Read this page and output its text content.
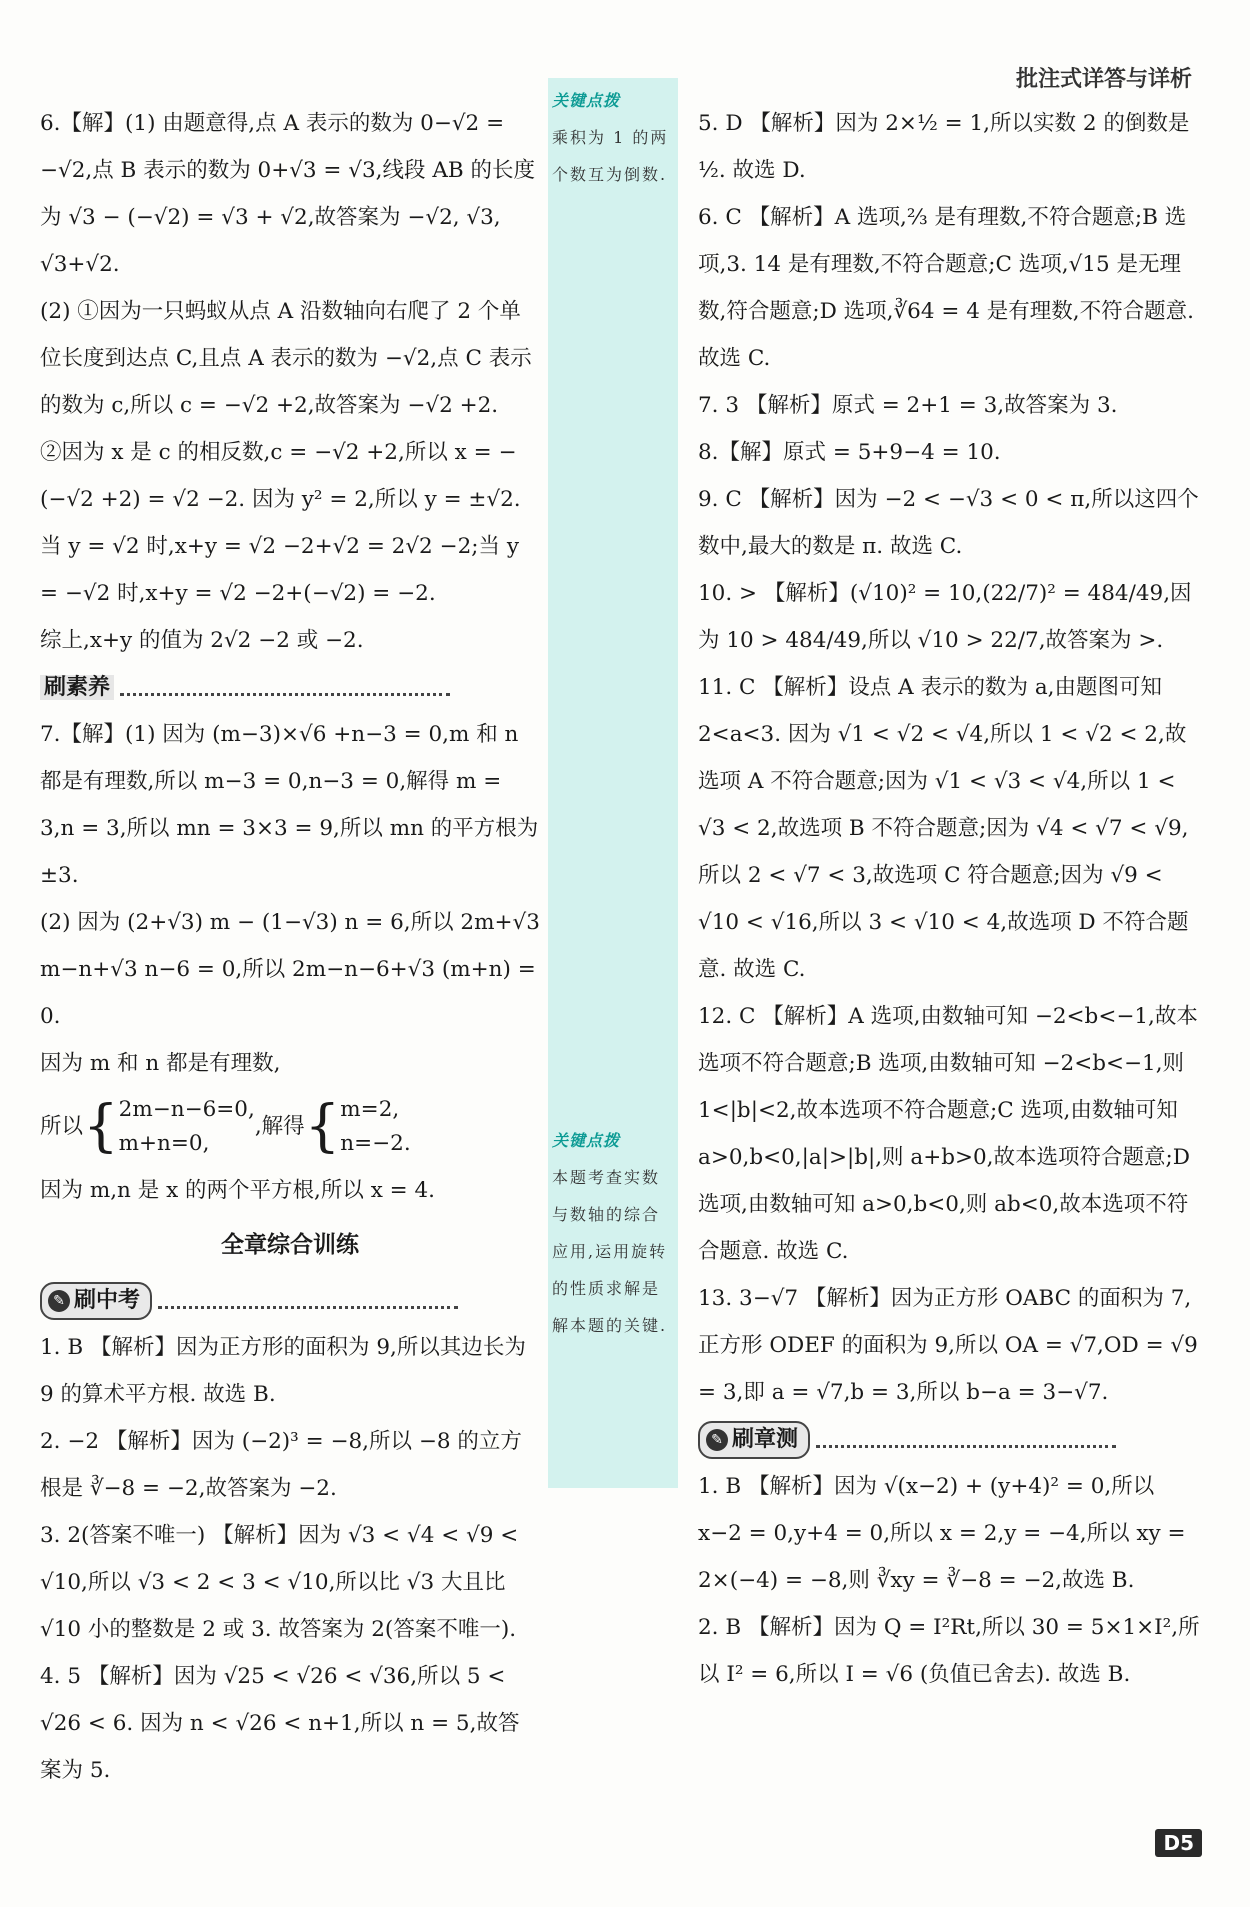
批注式详答与详析
关键点拨
乘积为 1 的两个数互为倒数.
关键点拨
本题考查实数与数轴的综合应用,运用旋转的性质求解是解本题的关键.

6.【解】(1) 由题意得,点 A 表示的数为 0−√2 = −√2,点 B 表示的数为 0+√3 = √3,线段 AB 的长度为 √3 − (−√2) = √3 + √2,故答案为 −√2, √3, √3+√2.

(2) ①因为一只蚂蚁从点 A 沿数轴向右爬了 2 个单位长度到达点 C,且点 A 表示的数为 −√2,点 C 表示的数为 c,所以 c = −√2 +2,故答案为 −√2 +2.

②因为 x 是 c 的相反数,c = −√2 +2,所以 x = −(−√2 +2) = √2 −2. 因为 y² = 2,所以 y = ±√2. 当 y = √2 时,x+y = √2 −2+√2 = 2√2 −2;当 y = −√2 时,x+y = √2 −2+(−√2) = −2.

综上,x+y 的值为 2√2 −2 或 −2.

刷素养

7.【解】(1) 因为 (m−3)×√6 +n−3 = 0,m 和 n 都是有理数,所以 m−3 = 0,n−3 = 0,解得 m = 3,n = 3,所以 mn = 3×3 = 9,所以 mn 的平方根为 ±3.

(2) 因为 (2+√3) m − (1−√3) n = 6,所以 2m+√3 m−n+√3 n−6 = 0,所以 2m−n−6+√3 (m+n) = 0.

因为 m 和 n 都是有理数,

所以 { 2m−n−6=0,
m+n=0,
,解得 { m=2,
n=−2.

因为 m,n 是 x 的两个平方根,所以 x = 4.

全章综合训练
✎ 刷中考

1. B 【解析】因为正方形的面积为 9,所以其边长为 9 的算术平方根. 故选 B.

2. −2 【解析】因为 (−2)³ = −8,所以 −8 的立方根是 ∛−8 = −2,故答案为 −2.

3. 2(答案不唯一) 【解析】因为 √3 < √4 < √9 < √10,所以 √3 < 2 < 3 < √10,所以比 √3 大且比 √10 小的整数是 2 或 3. 故答案为 2(答案不唯一).

4. 5 【解析】因为 √25 < √26 < √36,所以 5 < √26 < 6. 因为 n < √26 < n+1,所以 n = 5,故答案为 5.

5. D 【解析】因为 2×½ = 1,所以实数 2 的倒数是 ½. 故选 D.

6. C 【解析】A 选项,⅔ 是有理数,不符合题意;B 选项,3. 14 是有理数,不符合题意;C 选项,√15 是无理数,符合题意;D 选项,∛64 = 4 是有理数,不符合题意. 故选 C.

7. 3 【解析】原式 = 2+1 = 3,故答案为 3.

8.【解】原式 = 5+9−4 = 10.

9. C 【解析】因为 −2 < −√3 < 0 < π,所以这四个数中,最大的数是 π. 故选 C.

10. > 【解析】(√10)² = 10,(22/7)² = 484/49,因为 10 > 484/49,所以 √10 > 22/7,故答案为 >.

11. C 【解析】设点 A 表示的数为 a,由题图可知 2<a<3. 因为 √1 < √2 < √4,所以 1 < √2 < 2,故选项 A 不符合题意;因为 √1 < √3 < √4,所以 1 < √3 < 2,故选项 B 不符合题意;因为 √4 < √7 < √9,所以 2 < √7 < 3,故选项 C 符合题意;因为 √9 < √10 < √16,所以 3 < √10 < 4,故选项 D 不符合题意. 故选 C.

12. C 【解析】A 选项,由数轴可知 −2<b<−1,故本选项不符合题意;B 选项,由数轴可知 −2<b<−1,则 1<|b|<2,故本选项不符合题意;C 选项,由数轴可知 a>0,b<0,|a|>|b|,则 a+b>0,故本选项符合题意;D 选项,由数轴可知 a>0,b<0,则 ab<0,故本选项不符合题意. 故选 C.

13. 3−√7 【解析】因为正方形 OABC 的面积为 7,正方形 ODEF 的面积为 9,所以 OA = √7,OD = √9 = 3,即 a = √7,b = 3,所以 b−a = 3−√7.

✎ 刷章测

1. B 【解析】因为 √(x−2) + (y+4)² = 0,所以 x−2 = 0,y+4 = 0,所以 x = 2,y = −4,所以 xy = 2×(−4) = −8,则 ∛xy = ∛−8 = −2,故选 B.

2. B 【解析】因为 Q = I²Rt,所以 30 = 5×1×I²,所以 I² = 6,所以 I = √6 (负值已舍去). 故选 B.

D5
